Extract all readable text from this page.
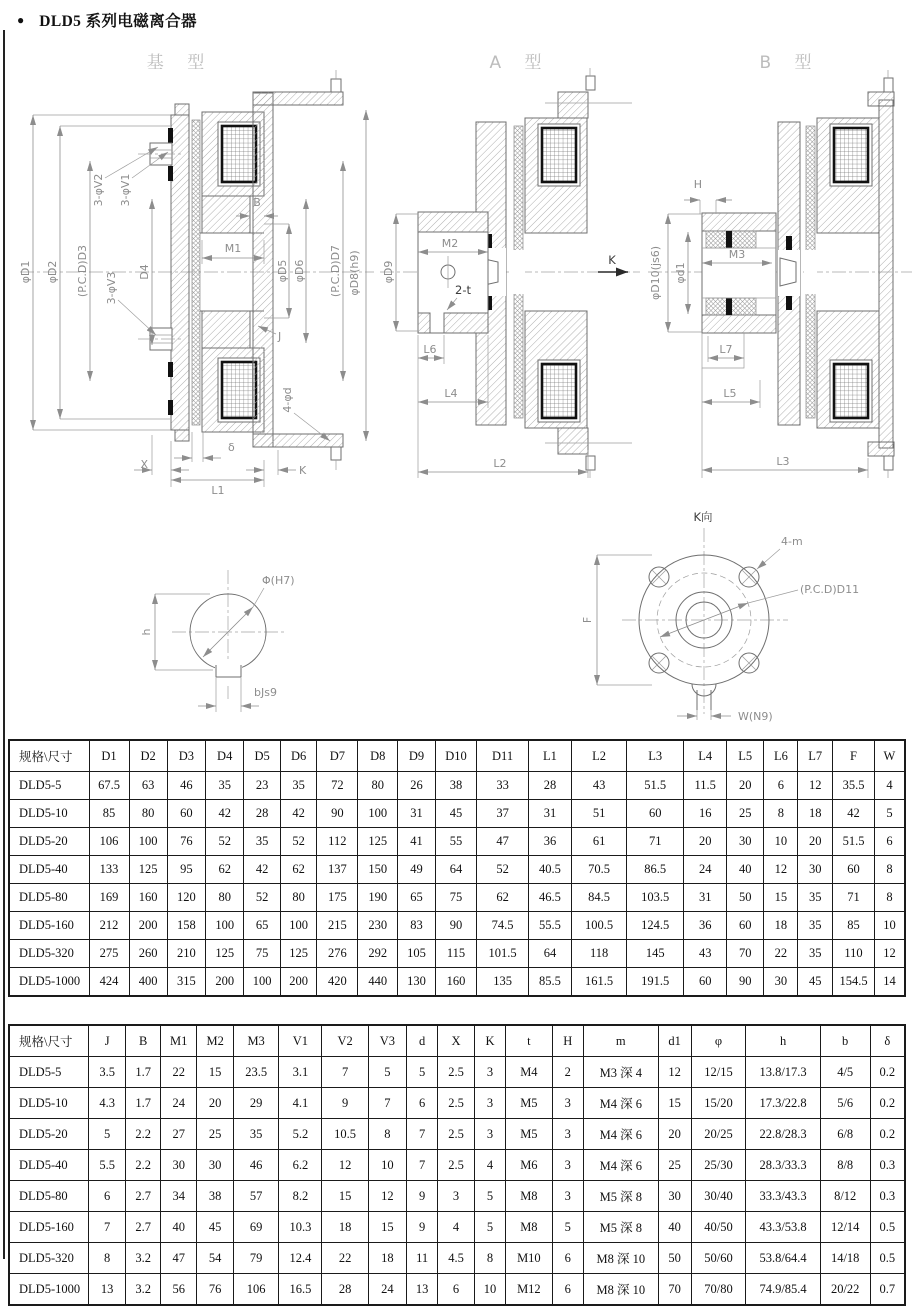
● DLD5 系列电磁离合器
基 型	A 型	B 型
φD1 φD2 (P.C.D)D3	D4
3-φV2 3-φV1
3-φV3
M1
B
J
φD5 φD6 (P.C.D)D7 φD8(h9)
4-φd
δ
X
L1
K
φD9
M2
2-t
L6
L4
L2
K
H
φD10(js6) φd1
M3
L7
L5
L3
Φ(H7)
h
bJs9
K向
4-m
(P.C.D)D11
F
W(N9)
规格\尺寸	D1	D2	D3	D4	D5	D6	D7	D8	D9	D10	D11	L1	L2	L3	L4	L5	L6	L7	F	W
DLD5-5	67.5	63	46	35	23	35	72	80	26	38	33	28	43	51.5	11.5	20	6	12	35.5	4
DLD5-10	85	80	60	42	28	42	90	100	31	45	37	31	51	60	16	25	8	18	42	5
DLD5-20	106	100	76	52	35	52	112	125	41	55	47	36	61	71	20	30	10	20	51.5	6
DLD5-40	133	125	95	62	42	62	137	150	49	64	52	40.5	70.5	86.5	24	40	12	30	60	8
DLD5-80	169	160	120	80	52	80	175	190	65	75	62	46.5	84.5	103.5	31	50	15	35	71	8
DLD5-160	212	200	158	100	65	100	215	230	83	90	74.5	55.5	100.5	124.5	36	60	18	35	85	10
DLD5-320	275	260	210	125	75	125	276	292	105	115	101.5	64	118	145	43	70	22	35	110	12
DLD5-1000	424	400	315	200	100	200	420	440	130	160	135	85.5	161.5	191.5	60	90	30	45	154.5	14
规格\尺寸	J	B	M1	M2	M3	V1	V2	V3	d	X	K	t	H	m	d1	φ	h	b	δ
DLD5-5	3.5	1.7	22	15	23.5	3.1	7	5	5	2.5	3	M4	2	M3 深 4	12	12/15	13.8/17.3	4/5	0.2
DLD5-10	4.3	1.7	24	20	29	4.1	9	7	6	2.5	3	M5	3	M4 深 6	15	15/20	17.3/22.8	5/6	0.2
DLD5-20	5	2.2	27	25	35	5.2	10.5	8	7	2.5	3	M5	3	M4 深 6	20	20/25	22.8/28.3	6/8	0.2
DLD5-40	5.5	2.2	30	30	46	6.2	12	10	7	2.5	4	M6	3	M4 深 6	25	25/30	28.3/33.3	8/8	0.3
DLD5-80	6	2.7	34	38	57	8.2	15	12	9	3	5	M8	3	M5 深 8	30	30/40	33.3/43.3	8/12	0.3
DLD5-160	7	2.7	40	45	69	10.3	18	15	9	4	5	M8	5	M5 深 8	40	40/50	43.3/53.8	12/14	0.5
DLD5-320	8	3.2	47	54	79	12.4	22	18	11	4.5	8	M10	6	M8 深 10	50	50/60	53.8/64.4	14/18	0.5
DLD5-1000	13	3.2	56	76	106	16.5	28	24	13	6	10	M12	6	M8 深 10	70	70/80	74.9/85.4	20/22	0.7
